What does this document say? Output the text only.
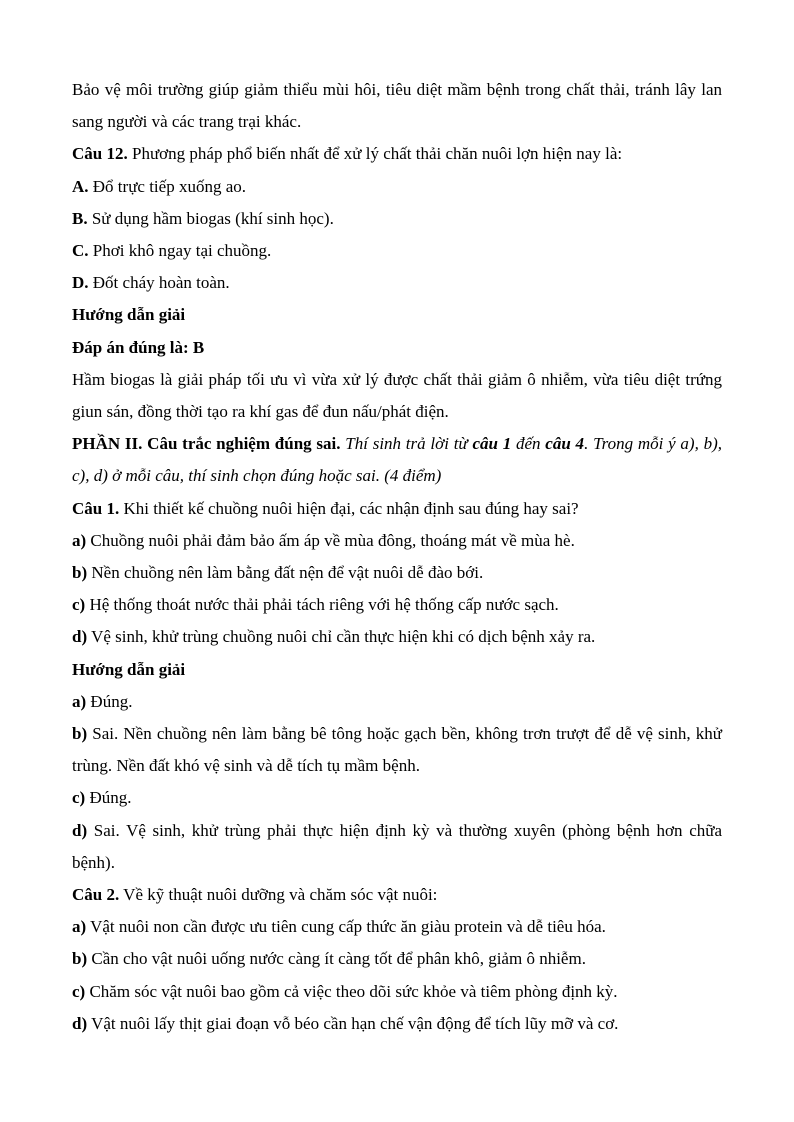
Bảo vệ môi trường giúp giảm thiểu mùi hôi, tiêu diệt mầm bệnh trong chất thải, tránh lây lan sang người và các trang trại khác.

Câu 12. Phương pháp phổ biến nhất để xử lý chất thải chăn nuôi lợn hiện nay là:

A. Đổ trực tiếp xuống ao.

B. Sử dụng hầm biogas (khí sinh học).

C. Phơi khô ngay tại chuồng.

D. Đốt cháy hoàn toàn.

Hướng dẫn giải

Đáp án đúng là: B

Hầm biogas là giải pháp tối ưu vì vừa xử lý được chất thải giảm ô nhiễm, vừa tiêu diệt trứng giun sán, đồng thời tạo ra khí gas để đun nấu/phát điện.

PHẦN II. Câu trắc nghiệm đúng sai. Thí sinh trả lời từ câu 1 đến câu 4. Trong mỗi ý a), b), c), d) ở mỗi câu, thí sinh chọn đúng hoặc sai. (4 điểm)

Câu 1. Khi thiết kế chuồng nuôi hiện đại, các nhận định sau đúng hay sai?

a) Chuồng nuôi phải đảm bảo ấm áp về mùa đông, thoáng mát về mùa hè.

b) Nền chuồng nên làm bằng đất nện để vật nuôi dễ đào bới.

c) Hệ thống thoát nước thải phải tách riêng với hệ thống cấp nước sạch.

d) Vệ sinh, khử trùng chuồng nuôi chỉ cần thực hiện khi có dịch bệnh xảy ra.

Hướng dẫn giải

a) Đúng.

b) Sai. Nền chuồng nên làm bằng bê tông hoặc gạch bền, không trơn trượt để dễ vệ sinh, khử trùng. Nền đất khó vệ sinh và dễ tích tụ mầm bệnh.

c) Đúng.

d) Sai. Vệ sinh, khử trùng phải thực hiện định kỳ và thường xuyên (phòng bệnh hơn chữa bệnh).

Câu 2. Về kỹ thuật nuôi dưỡng và chăm sóc vật nuôi:

a) Vật nuôi non cần được ưu tiên cung cấp thức ăn giàu protein và dễ tiêu hóa.

b) Cần cho vật nuôi uống nước càng ít càng tốt để phân khô, giảm ô nhiễm.

c) Chăm sóc vật nuôi bao gồm cả việc theo dõi sức khỏe và tiêm phòng định kỳ.

d) Vật nuôi lấy thịt giai đoạn vỗ béo cần hạn chế vận động để tích lũy mỡ và cơ.
